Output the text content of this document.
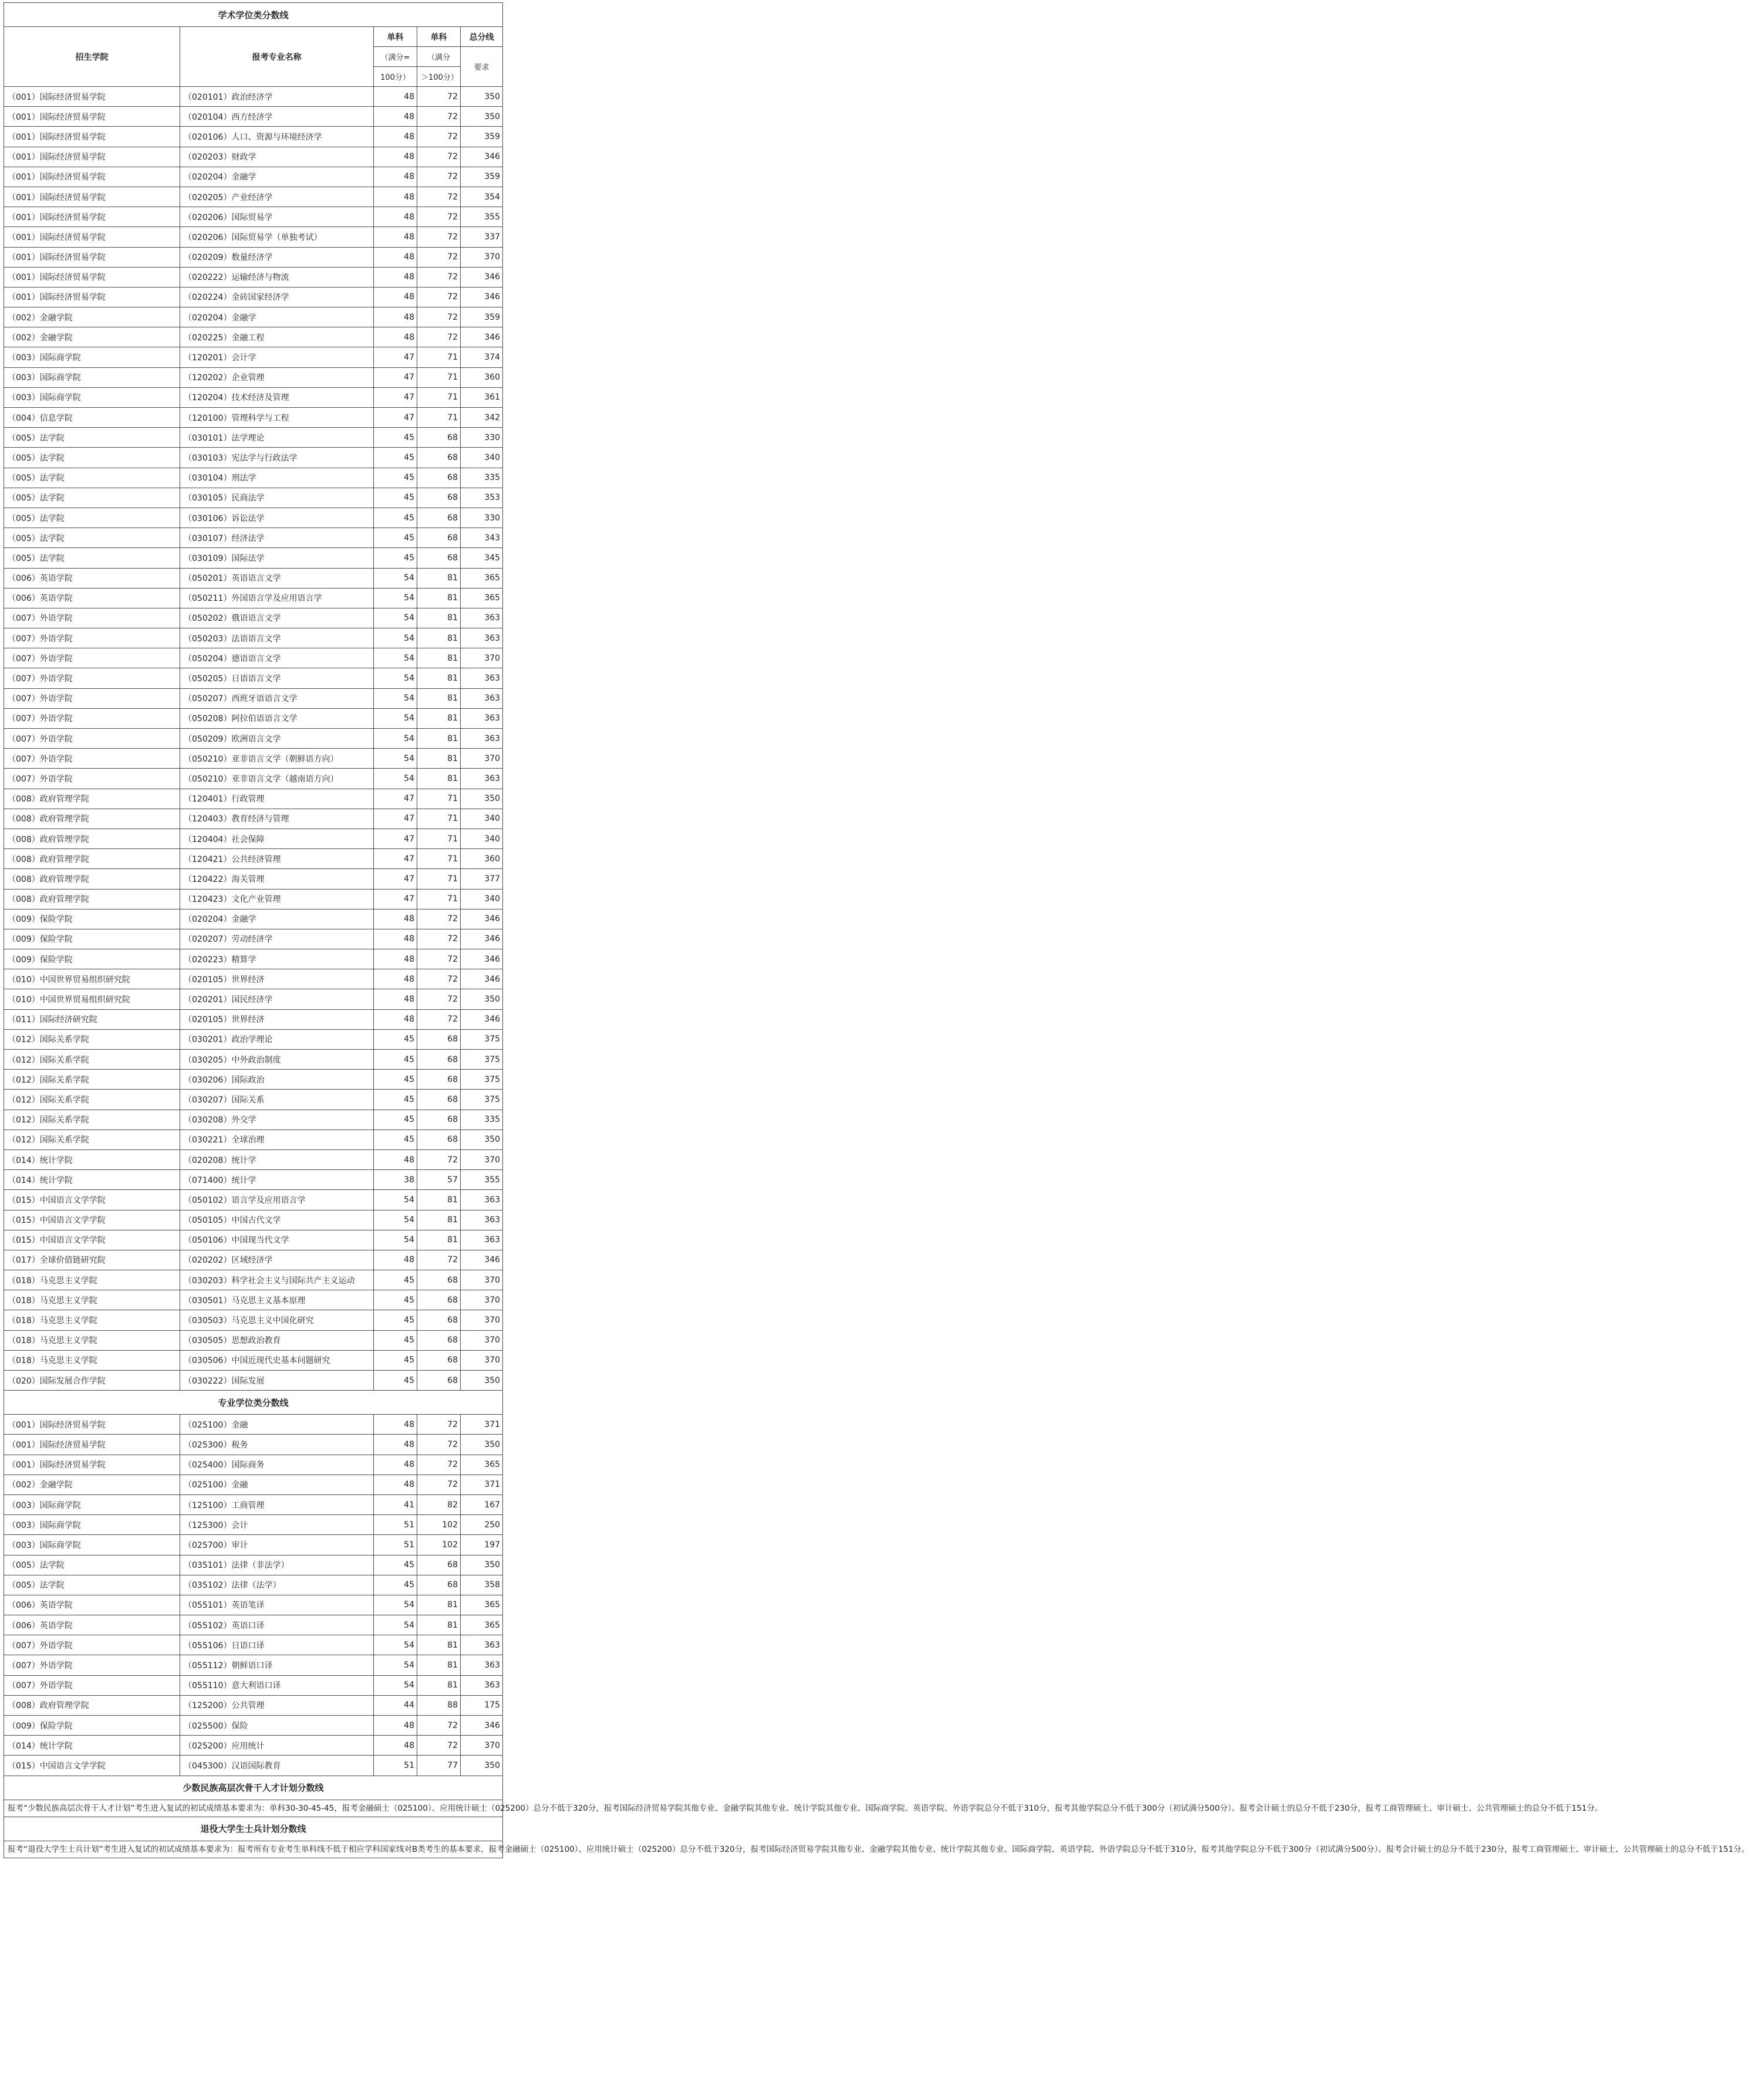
学术学位类分数线				
招生学院	报考专业名称	单科	单科	总分线
		（满分=	（满分	要求
		100分）	＞100分）	
（001）国际经济贸易学院	（020101）政治经济学	48	72	350
（001）国际经济贸易学院	（020104）西方经济学	48	72	350
（001）国际经济贸易学院	（020106）人口、资源与环境经济学	48	72	359
（001）国际经济贸易学院	（020203）财政学	48	72	346
（001）国际经济贸易学院	（020204）金融学	48	72	359
（001）国际经济贸易学院	（020205）产业经济学	48	72	354
（001）国际经济贸易学院	（020206）国际贸易学	48	72	355
（001）国际经济贸易学院	（020206）国际贸易学（单独考试）	48	72	337
（001）国际经济贸易学院	（020209）数量经济学	48	72	370
（001）国际经济贸易学院	（020222）运输经济与物流	48	72	346
（001）国际经济贸易学院	（020224）金砖国家经济学	48	72	346
（002）金融学院	（020204）金融学	48	72	359
（002）金融学院	（020225）金融工程	48	72	346
（003）国际商学院	（120201）会计学	47	71	374
（003）国际商学院	（120202）企业管理	47	71	360
（003）国际商学院	（120204）技术经济及管理	47	71	361
（004）信息学院	（120100）管理科学与工程	47	71	342
（005）法学院	（030101）法学理论	45	68	330
（005）法学院	（030103）宪法学与行政法学	45	68	340
（005）法学院	（030104）刑法学	45	68	335
（005）法学院	（030105）民商法学	45	68	353
（005）法学院	（030106）诉讼法学	45	68	330
（005）法学院	（030107）经济法学	45	68	343
（005）法学院	（030109）国际法学	45	68	345
（006）英语学院	（050201）英语语言文学	54	81	365
（006）英语学院	（050211）外国语言学及应用语言学	54	81	365
（007）外语学院	（050202）俄语语言文学	54	81	363
（007）外语学院	（050203）法语语言文学	54	81	363
（007）外语学院	（050204）德语语言文学	54	81	370
（007）外语学院	（050205）日语语言文学	54	81	363
（007）外语学院	（050207）西班牙语语言文学	54	81	363
（007）外语学院	（050208）阿拉伯语语言文学	54	81	363
（007）外语学院	（050209）欧洲语言文学	54	81	363
（007）外语学院	（050210）亚非语言文学（朝鲜语方向）	54	81	370
（007）外语学院	（050210）亚非语言文学（越南语方向）	54	81	363
（008）政府管理学院	（120401）行政管理	47	71	350
（008）政府管理学院	（120403）教育经济与管理	47	71	340
（008）政府管理学院	（120404）社会保障	47	71	340
（008）政府管理学院	（120421）公共经济管理	47	71	360
（008）政府管理学院	（120422）海关管理	47	71	377
（008）政府管理学院	（120423）文化产业管理	47	71	340
（009）保险学院	（020204）金融学	48	72	346
（009）保险学院	（020207）劳动经济学	48	72	346
（009）保险学院	（020223）精算学	48	72	346
（010）中国世界贸易组织研究院	（020105）世界经济	48	72	346
（010）中国世界贸易组织研究院	（020201）国民经济学	48	72	350
（011）国际经济研究院	（020105）世界经济	48	72	346
（012）国际关系学院	（030201）政治学理论	45	68	375
（012）国际关系学院	（030205）中外政治制度	45	68	375
（012）国际关系学院	（030206）国际政治	45	68	375
（012）国际关系学院	（030207）国际关系	45	68	375
（012）国际关系学院	（030208）外交学	45	68	335
（012）国际关系学院	（030221）全球治理	45	68	350
（014）统计学院	（020208）统计学	48	72	370
（014）统计学院	（071400）统计学	38	57	355
（015）中国语言文学学院	（050102）语言学及应用语言学	54	81	363
（015）中国语言文学学院	（050105）中国古代文学	54	81	363
（015）中国语言文学学院	（050106）中国现当代文学	54	81	363
（017）全球价值链研究院	（020202）区域经济学	48	72	346
（018）马克思主义学院	（030203）科学社会主义与国际共产主义运动	45	68	370
（018）马克思主义学院	（030501）马克思主义基本原理	45	68	370
（018）马克思主义学院	（030503）马克思主义中国化研究	45	68	370
（018）马克思主义学院	（030505）思想政治教育	45	68	370
（018）马克思主义学院	（030506）中国近现代史基本问题研究	45	68	370
（020）国际发展合作学院	（030222）国际发展	45	68	350
专业学位类分数线				
（001）国际经济贸易学院	（025100）金融	48	72	371
（001）国际经济贸易学院	（025300）税务	48	72	350
（001）国际经济贸易学院	（025400）国际商务	48	72	365
（002）金融学院	（025100）金融	48	72	371
（003）国际商学院	（125100）工商管理	41	82	167
（003）国际商学院	（125300）会计	51	102	250
（003）国际商学院	（025700）审计	51	102	197
（005）法学院	（035101）法律（非法学）	45	68	350
（005）法学院	（035102）法律（法学）	45	68	358
（006）英语学院	（055101）英语笔译	54	81	365
（006）英语学院	（055102）英语口译	54	81	365
（007）外语学院	（055106）日语口译	54	81	363
（007）外语学院	（055112）朝鲜语口译	54	81	363
（007）外语学院	（055110）意大利语口译	54	81	363
（008）政府管理学院	（125200）公共管理	44	88	175
（009）保险学院	（025500）保险	48	72	346
（014）统计学院	（025200）应用统计	48	72	370
（015）中国语言文学学院	（045300）汉语国际教育	51	77	350
少数民族高层次骨干人才计划分数线				
报考“少数民族高层次骨干人才计划”考生进入复试的初试成绩基本要求为：单科30-30-45-45，报考金融硕士（025100）、应用统计硕士（025200）总分不低于320分，报考国际经济贸易学院其他专业、金融学院其他专业、统计学院其他专业、国际商学院、英语学院、外语学院总分不低于310分，报考其他学院总分不低于300分（初试满分500分）。报考会计硕士的总分不低于230分，报考工商管理硕士、审计硕士、公共管理硕士的总分不低于151分。				
退役大学生士兵计划分数线				
报考“退役大学生士兵计划”考生进入复试的初试成绩基本要求为：报考所有专业考生单科线不低于相应学科国家线对B类考生的基本要求，报考金融硕士（025100）、应用统计硕士（025200）总分不低于320分，报考国际经济贸易学院其他专业、金融学院其他专业、统计学院其他专业、国际商学院、英语学院、外语学院总分不低于310分，报考其他学院总分不低于300分（初试满分500分）。报考会计硕士的总分不低于230分，报考工商管理硕士、审计硕士、公共管理硕士的总分不低于151分。				
